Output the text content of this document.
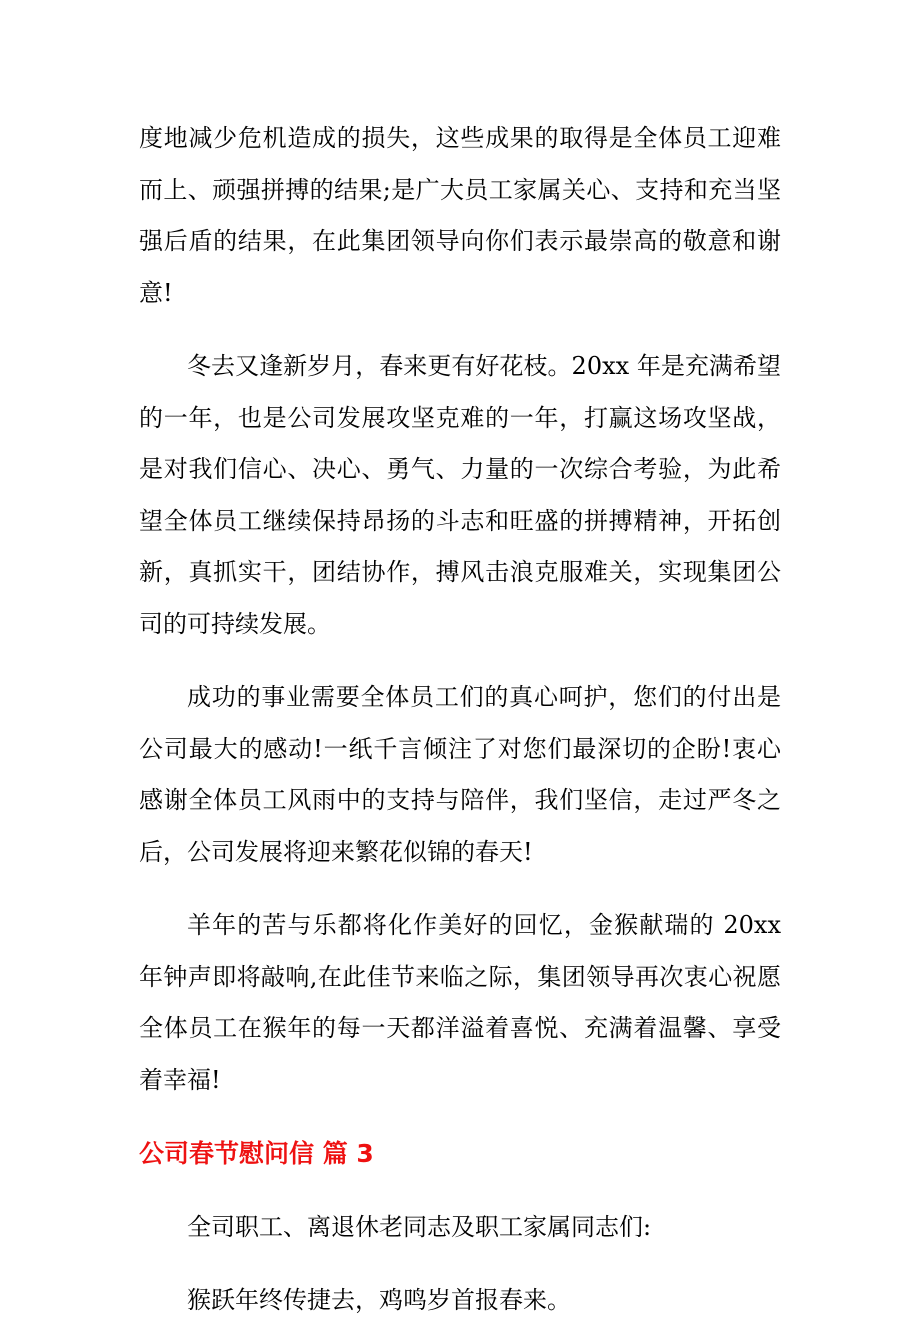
度地减少危机造成的损失，这些成果的取得是全体员工迎难而上、顽强拼搏的结果;是广大员工家属关心、支持和充当坚强后盾的结果，在此集团领导向你们表示最崇高的敬意和谢意!

冬去又逢新岁月，春来更有好花枝。20xx 年是充满希望的一年，也是公司发展攻坚克难的一年，打赢这场攻坚战，是对我们信心、决心、勇气、力量的一次综合考验，为此希望全体员工继续保持昂扬的斗志和旺盛的拼搏精神，开拓创新，真抓实干，团结协作，搏风击浪克服难关，实现集团公司的可持续发展。

成功的事业需要全体员工们的真心呵护，您们的付出是公司最大的感动!一纸千言倾注了对您们最深切的企盼!衷心感谢全体员工风雨中的支持与陪伴，我们坚信，走过严冬之后，公司发展将迎来繁花似锦的春天!

羊年的苦与乐都将化作美好的回忆，金猴献瑞的 20xx 年钟声即将敲响,在此佳节来临之际，集团领导再次衷心祝愿全体员工在猴年的每一天都洋溢着喜悦、充满着温馨、享受着幸福!

公司春节慰问信 篇 3

全司职工、离退休老同志及职工家属同志们:

猴跃年终传捷去，鸡鸣岁首报春来。
